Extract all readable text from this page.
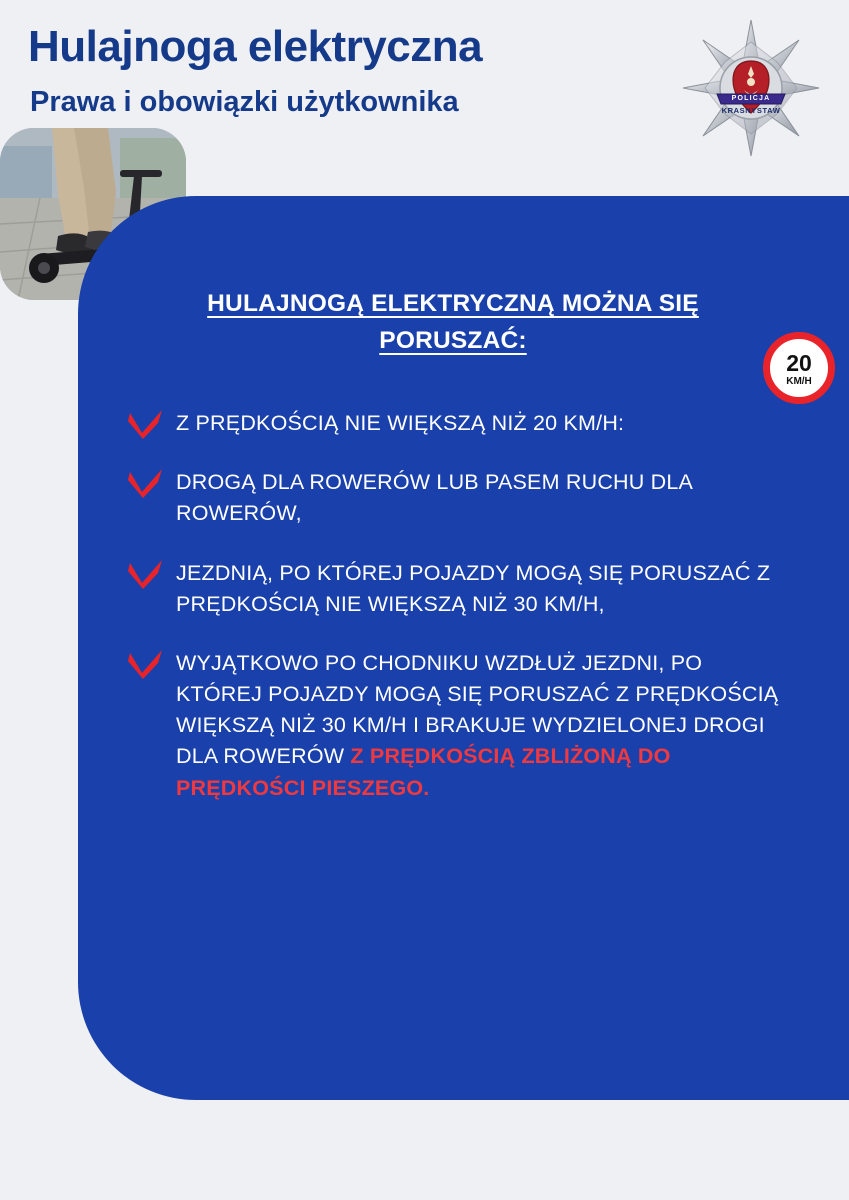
Hulajnoga elektryczna
Prawa i obowiązki użytkownika	POLICJA
KRASNYSTAW
HULAJNOGĄ ELEKTRYCZNĄ MOŻNA SIĘ PORUSZAĆ:
20
KM/H
Z PRĘDKOŚCIĄ NIE WIĘKSZĄ NIŻ 20 KM/H:
DROGĄ DLA ROWERÓW LUB PASEM RUCHU DLA ROWERÓW,
JEZDNIĄ, PO KTÓREJ POJAZDY MOGĄ SIĘ PORUSZAĆ Z PRĘDKOŚCIĄ NIE WIĘKSZĄ NIŻ 30 KM/H,
WYJĄTKOWO PO CHODNIKU WZDŁUŻ JEZDNI, PO KTÓREJ POJAZDY MOGĄ SIĘ PORUSZAĆ Z PRĘDKOŚCIĄ WIĘKSZĄ NIŻ 30 KM/H I BRAKUJE WYDZIELONEJ DROGI DLA ROWERÓW Z PRĘDKOŚCIĄ ZBLIŻONĄ DO PRĘDKOŚCI PIESZEGO.
